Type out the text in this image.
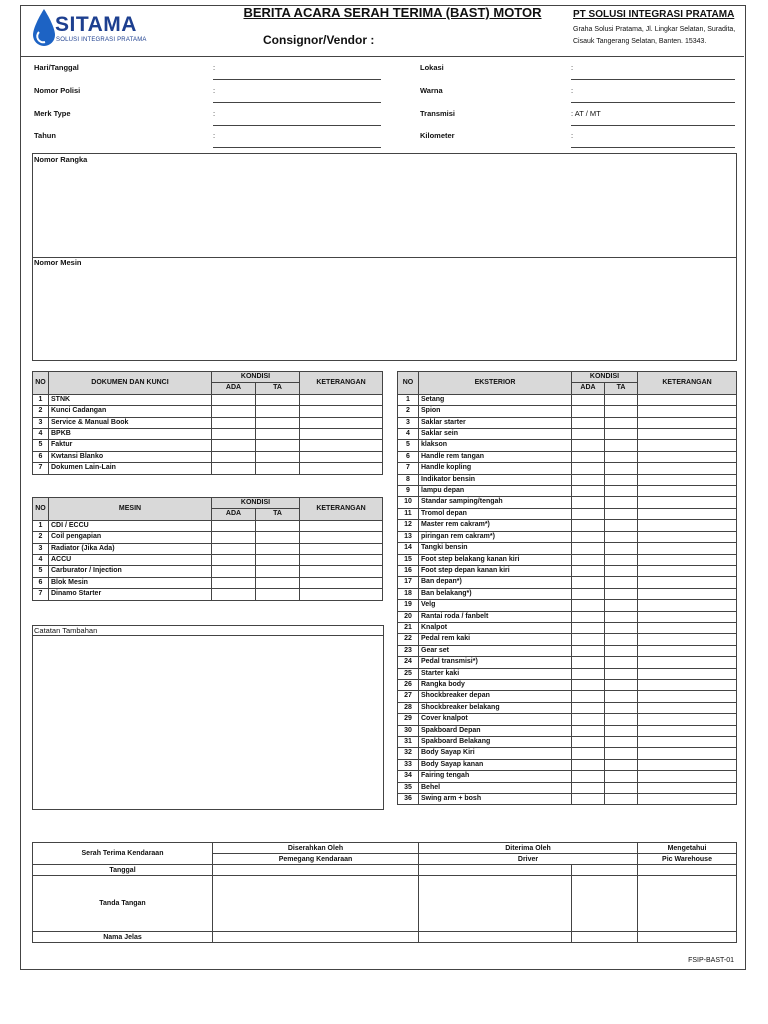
SITAMA
SOLUSI INTEGRASI PRATAMA
BERITA ACARA SERAH TERIMA (BAST) MOTOR
Consignor/Vendor :
PT SOLUSI INTEGRASI PRATAMA
Graha Solusi Pratama, Jl. Lingkar Selatan, Suradita, Cisauk Tangerang Selatan, Banten. 15343.
Hari/Tanggal	:
Nomor Polisi	:
Merk Type	:
Tahun	:
Lokasi	:
Warna	:
Transmisi	: AT / MT
Kilometer	:
Nomor Rangka
Nomor Mesin
NO	DOKUMEN DAN KUNCI	KONDISI		KETERANGAN
		ADA	TA	
1	STNK			
2	Kunci Cadangan			
3	Service & Manual Book			
4	BPKB			
5	Faktur			
6	Kwtansi Blanko			
7	Dokumen Lain-Lain			
NO	MESIN	KONDISI		KETERANGAN
		ADA	TA	
1	CDI / ECCU			
2	Coil pengapian			
3	Radiator (Jika Ada)			
4	ACCU			
5	Carburator / Injection			
6	Blok Mesin			
7	Dinamo Starter			
Catatan Tambahan
NO	EKSTERIOR	KONDISI		KETERANGAN
		ADA	TA	
1	Setang			
2	Spion			
3	Saklar starter			
4	Saklar sein			
5	klakson			
6	Handle rem tangan			
7	Handle kopling			
8	Indikator bensin			
9	lampu depan			
10	Standar samping/tengah			
11	Tromol depan			
12	Master rem cakram*)			
13	piringan rem cakram*)			
14	Tangki bensin			
15	Foot step belakang kanan kiri			
16	Foot step depan kanan kiri			
17	Ban depan*)			
18	Ban belakang*)			
19	Velg			
20	Rantai roda / fanbelt			
21	Knalpot			
22	Pedal rem kaki			
23	Gear set			
24	Pedal transmisi*)			
25	Starter kaki			
26	Rangka body			
27	Shockbreaker depan			
28	Shockbreaker belakang			
29	Cover knalpot			
30	Spakboard Depan			
31	Spakboard Belakang			
32	Body Sayap Kiri			
33	Body Sayap kanan			
34	Fairing tengah			
35	Behel			
36	Swing arm + bosh			
Serah Terima Kendaraan	Diserahkan Oleh	Diterima Oleh		Mengetahui
	Pemegang Kendaraan	Driver		Pic Warehouse
Tanggal				
Tanda Tangan				
Nama Jelas				
FSIP-BAST-01
